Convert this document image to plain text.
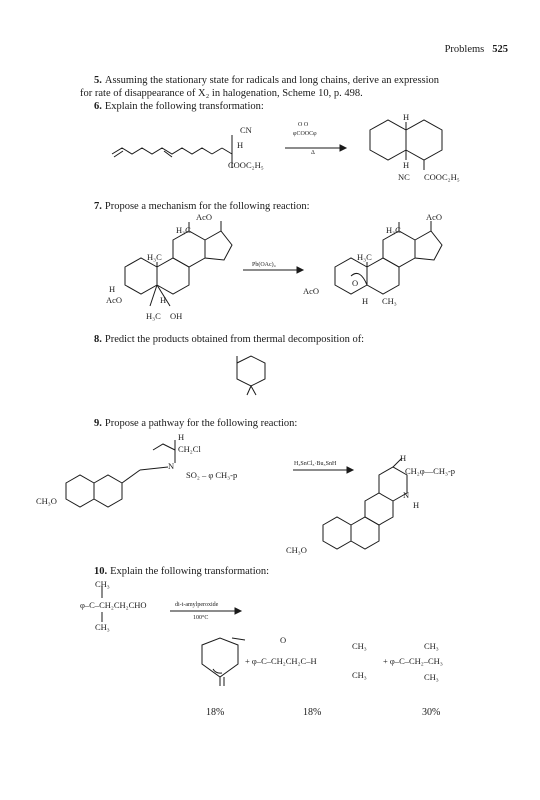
Problems 525
5. Assuming the stationary state for radicals and long chains, derive an expression
for rate of disappearance of X₂ in halogenation, Scheme 10, p. 498.
6. Explain the following transformation:
7. Propose a mechanism for the following reaction:
8. Predict the products obtained from thermal decomposition of:
9. Propose a pathway for the following reaction:
10. Explain the following transformation:
CN
H
COOC₂H₅
O O
φCOOCφ
Δ
H
H
NC COOC₂H₅
AcO
H₃C
H₃C
H
AcO	H
H₃C OH
Pb(OAc)₄
AcO
H₃C
H₃C
AcO
O
H CH₃
H
CH₂Cl
N
SO₂ – φ CH₃-p
CH₃O
H₃SnCl₃·Bu₃SnH
H
CH₂φ—CH₃-p
N
H
CH₃O
CH₃
φ–C–CH₂CH₂CHO
CH₃
di-t-amylperoxide
100°C
O
+ φ–C–CH₂CH₂C–H
CH₃
CH₃
CH₃
+ φ–C–CH₂–CH₃
CH₃
18%	18%	30%
